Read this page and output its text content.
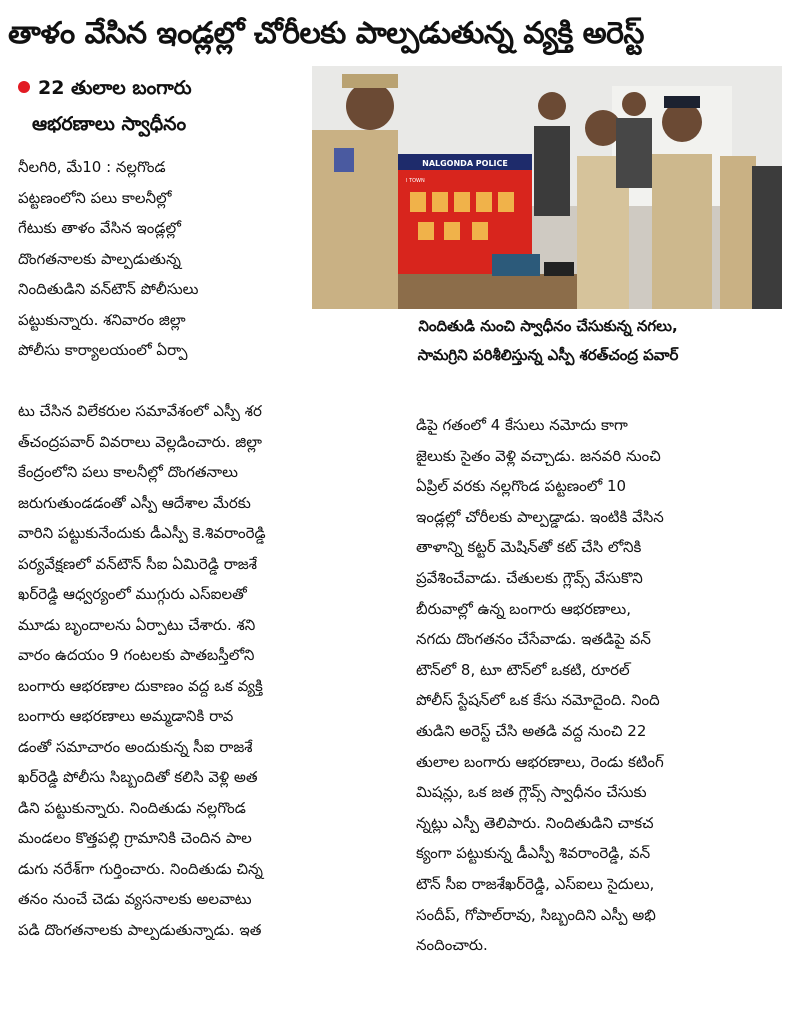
తాళం వేసిన ఇండ్లల్లో చోరీలకు పాల్పడుతున్న వ్యక్తి అరెస్ట్
22 తులాల బంగారు
ఆభరణాలు స్వాధీనం
NALGONDA POLICE
I TOWN
నిందితుడి నుంచి స్వాధీనం చేసుకున్న నగలు,
సామగ్రిని పరిశీలిస్తున్న ఎస్పీ శరత్‌చంద్ర పవార్
నీలగిరి, మే10 : నల్లగొండ
పట్టణంలోని పలు కాలనీల్లో
గేటుకు తాళం వేసిన ఇండ్లల్లో
దొంగతనాలకు పాల్పడుతున్న
నిందితుడిని వన్‌టౌన్ పోలీసులు
పట్టుకున్నారు. శనివారం జిల్లా
పోలీసు కార్యాలయంలో ఏర్పా
టు చేసిన విలేకరుల సమావేశంలో ఎస్పీ శర
త్‌చంద్రపవార్ వివరాలు వెల్లడించారు. జిల్లా
కేంద్రంలోని పలు కాలనీల్లో దొంగతనాలు
జరుగుతుండడంతో ఎస్పీ ఆదేశాల మేరకు
వారిని పట్టుకునేందుకు డీఎస్పీ కె.శివరాంరెడ్డి
పర్యవేక్షణలో వన్‌టౌన్ సీఐ ఏమిరెడ్డి రాజశే
ఖర్‌రెడ్డి ఆధ్వర్యంలో ముగ్గురు ఎస్‌ఐలతో
మూడు బృందాలను ఏర్పాటు చేశారు. శని
వారం ఉదయం 9 గంటలకు పాతబస్తీలోని
బంగారు ఆభరణాల దుకాణం వద్ద ఒక వ్యక్తి
బంగారు ఆభరణాలు అమ్మడానికి రావ
డంతో సమాచారం అందుకున్న సీఐ రాజశే
ఖర్‌రెడ్డి పోలీసు సిబ్బందితో కలిసి వెళ్లి అత
డిని పట్టుకున్నారు. నిందితుడు నల్లగొండ
మండలం కొత్తపల్లి గ్రామానికి చెందిన పాల
డుగు నరేశ్‌గా గుర్తించారు. నిందితుడు చిన్న
తనం నుంచే చెడు వ్యసనాలకు అలవాటు
పడి దొంగతనాలకు పాల్పడుతున్నాడు. ఇత
డిపై గతంలో 4 కేసులు నమోదు కాగా
జైలుకు సైతం వెళ్లి వచ్చాడు. జనవరి నుంచి
ఏప్రిల్ వరకు నల్లగొండ పట్టణంలో 10
ఇండ్లల్లో చోరీలకు పాల్పడ్డాడు. ఇంటికి వేసిన
తాళాన్ని కట్టర్ మెషిన్‌తో కట్ చేసి లోనికి
ప్రవేశించేవాడు. చేతులకు గ్లౌవ్స్ వేసుకొని
బీరువాల్లో ఉన్న బంగారు ఆభరణాలు,
నగదు దొంగతనం చేసేవాడు. ఇతడిపై వన్
టౌన్‌లో 8, టూ టౌన్‌లో ఒకటి, రూరల్
పోలీస్ స్టేషన్‌లో ఒక కేసు నమోదైంది. నింది
తుడిని అరెస్ట్ చేసి అతడి వద్ద నుంచి 22
తులాల బంగారు ఆభరణాలు, రెండు కటింగ్
మిషన్లు, ఒక జత గ్లౌవ్స్ స్వాధీనం చేసుకు
న్నట్లు ఎస్పీ తెలిపారు. నిందితుడిని చాకచ
క్యంగా పట్టుకున్న డీఎస్పీ శివరాంరెడ్డి, వన్
టౌన్ సీఐ రాజశేఖర్‌రెడ్డి, ఎస్‌ఐలు సైదులు,
సందీప్, గోపాల్‌రావు, సిబ్బందిని ఎస్పీ అభి
నందించారు.
